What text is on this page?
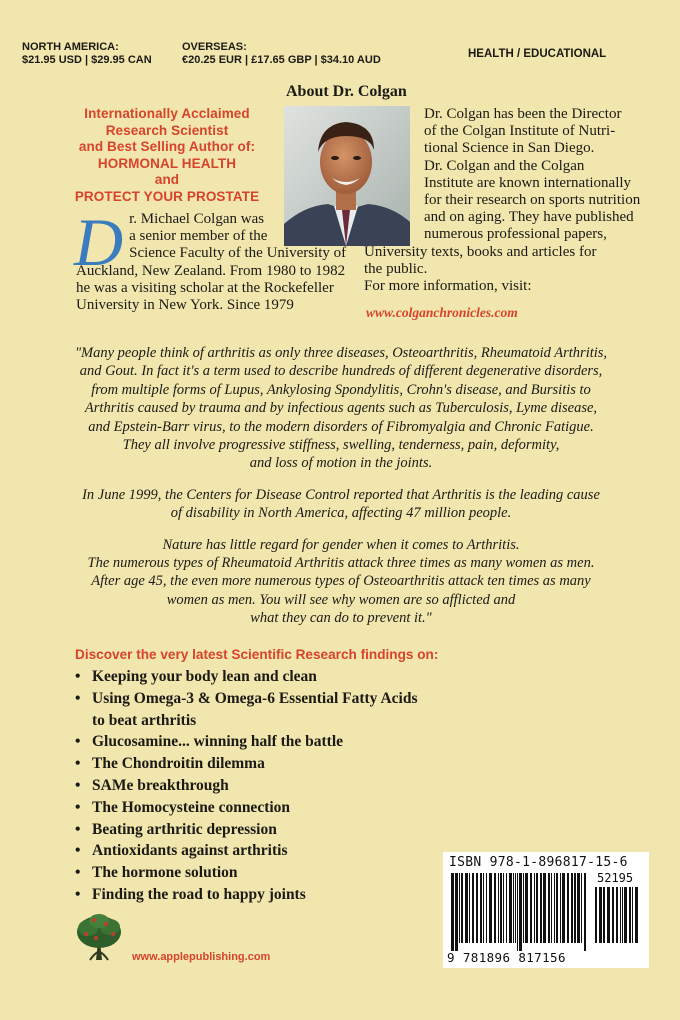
NORTH AMERICA:
$21.95 USD | $29.95 CAN
OVERSEAS:
€20.25 EUR | £17.65 GBP | $34.10 AUD	HEALTH / EDUCATIONAL
About Dr. Colgan
Internationally Acclaimed
Research Scientist
and Best Selling Author of:
HORMONAL HEALTH
and
PROTECT YOUR PROSTATE
D r. Michael Colgan was
a senior member of the
Science Faculty of the University of
Auckland, New Zealand. From 1980 to 1982
he was a visiting scholar at the Rockefeller
University in New York. Since 1979
Dr. Colgan has been the Director
of the Colgan Institute of Nutri-
tional Science in San Diego.
Dr. Colgan and the Colgan
Institute are known internationally
for their research on sports nutrition
and on aging. They have published
numerous professional papers,
University texts, books and articles for
the public.
For more information, visit:
www.colganchronicles.com

"Many people think of arthritis as only three diseases, Osteoarthritis, Rheumatoid Arthritis,

and Gout. In fact it's a term used to describe hundreds of different degenerative disorders,

from multiple forms of Lupus, Ankylosing Spondylitis, Crohn's disease, and Bursitis to

Arthritis caused by trauma and by infectious agents such as Tuberculosis, Lyme disease,

and Epstein-Barr virus, to the modern disorders of Fibromyalgia and Chronic Fatigue.

They all involve progressive stiffness, swelling, tenderness, pain, deformity,

and loss of motion in the joints.

In June 1999, the Centers for Disease Control reported that Arthritis is the leading cause

of disability in North America, affecting 47 million people.

Nature has little regard for gender when it comes to Arthritis.

The numerous types of Rheumatoid Arthritis attack three times as many women as men.

After age 45, the even more numerous types of Osteoarthritis attack ten times as many

women as men. You will see why women are so afflicted and

what they can do to prevent it."

Discover the very latest Scientific Research findings on:
• Keeping your body lean and clean
• Using Omega-3 & Omega-6 Essential Fatty Acids
to beat arthritis
• Glucosamine... winning half the battle
• The Chondroitin dilemma
• SAMe breakthrough
• The Homocysteine connection
• Beating arthritic depression
• Antioxidants against arthritis
• The hormone solution
• Finding the road to happy joints
www.applepublishing.com
ISBN 978-1-896817-15-6
52195
9 781896 817156
